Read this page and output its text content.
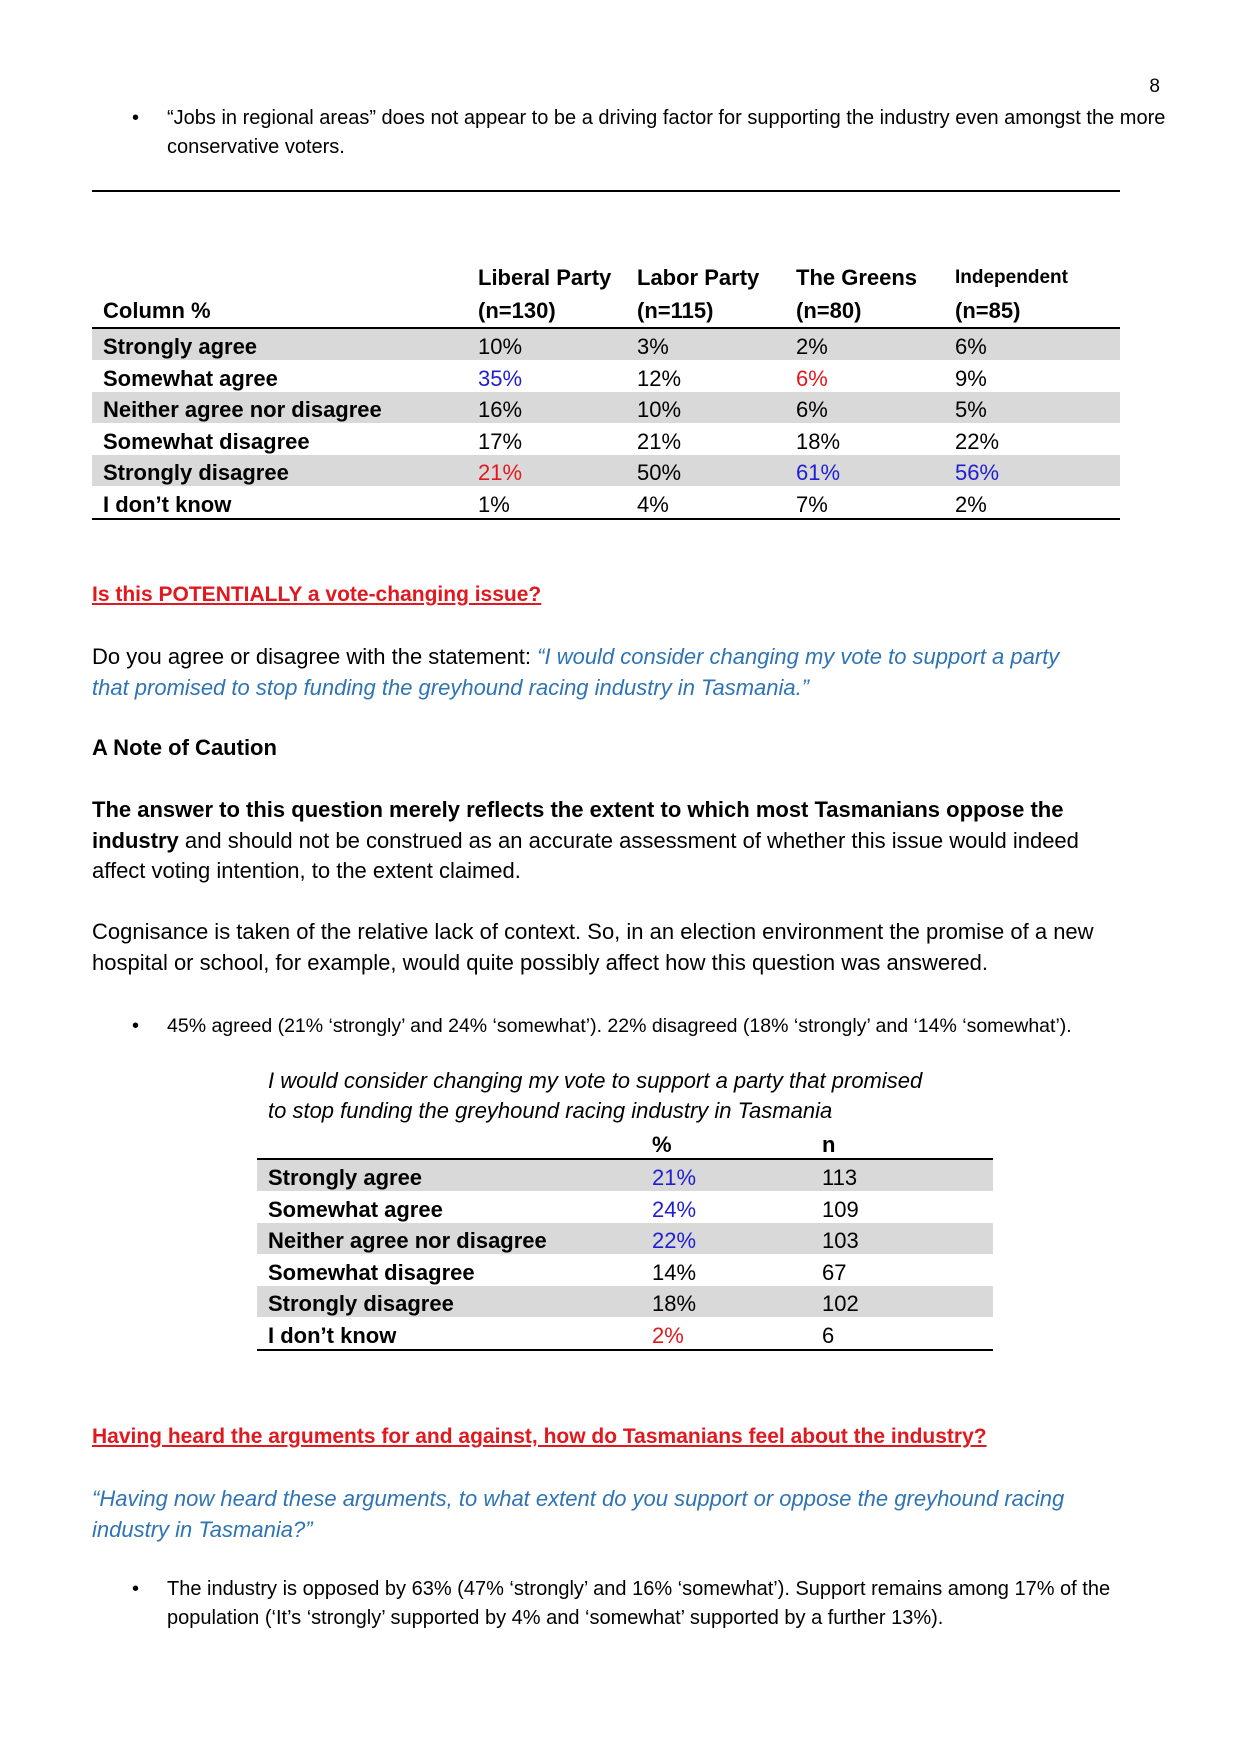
8
• “Jobs in regional areas” does not appear to be a driving factor for supporting the industry even amongst the more conservative voters.
	Liberal Party	Labor Party	The Greens	Independent
Column %	(n=130)	(n=115)	(n=80)	(n=85)
Strongly agree	10%	3%	2%	6%
Somewhat agree	35%	12%	6%	9%
Neither agree nor disagree	16%	10%	6%	5%
Somewhat disagree	17%	21%	18%	22%
Strongly disagree	21%	50%	61%	56%
I don’t know	1%	4%	7%	2%
Is this POTENTIALLY a vote-changing issue?
Do you agree or disagree with the statement: “I would consider changing my vote to support a party
that promised to stop funding the greyhound racing industry in Tasmania.”
A Note of Caution
The answer to this question merely reflects the extent to which most Tasmanians oppose the industry and should not be construed as an accurate assessment of whether this issue would indeed affect voting intention, to the extent claimed.
Cognisance is taken of the relative lack of context. So, in an election environment the promise of a new hospital or school, for example, would quite possibly affect how this question was answered.
• 45% agreed (21% ‘strongly’ and 24% ‘somewhat’). 22% disagreed (18% ‘strongly’ and ‘14% ‘somewhat’).
I would consider changing my vote to support a party that promised
to stop funding the greyhound racing industry in Tasmania
	%	n
Strongly agree	21%	113
Somewhat agree	24%	109
Neither agree nor disagree	22%	103
Somewhat disagree	14%	67
Strongly disagree	18%	102
I don’t know	2%	6
Having heard the arguments for and against, how do Tasmanians feel about the industry?
“Having now heard these arguments, to what extent do you support or oppose the greyhound racing
industry in Tasmania?”
• The industry is opposed by 63% (47% ‘strongly’ and 16% ‘somewhat’). Support remains among 17% of the population (‘It’s ‘strongly’ supported by 4% and ‘somewhat’ supported by a further 13%).
